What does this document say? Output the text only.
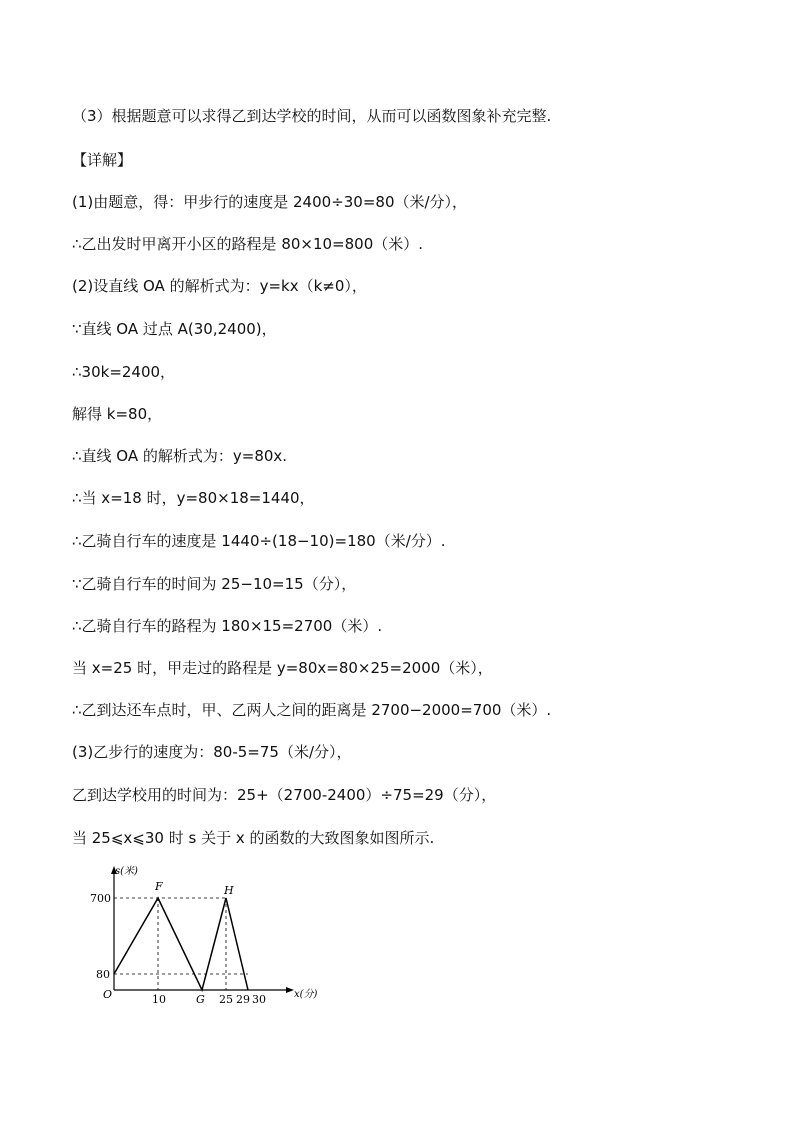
（3）根据题意可以求得乙到达学校的时间，从而可以函数图象补充完整.
【详解】
(1)由题意，得：甲步行的速度是 2400÷30=80（米/分），
∴乙出发时甲离开小区的路程是 80×10=800（米）.
(2)设直线 OA 的解析式为：y=kx（k≠0），
∵直线 OA 过点 A(30,2400)，
∴30k=2400，
解得 k=80，
∴直线 OA 的解析式为：y=80x.
∴当 x=18 时，y=80×18=1440，
∴乙骑自行车的速度是 1440÷(18−10)=180（米/分）.
∵乙骑自行车的时间为 25−10=15（分），
∴乙骑自行车的路程为 180×15=2700（米）.
当 x=25 时，甲走过的路程是 y=80x=80×25=2000（米），
∴乙到达还车点时，甲、乙两人之间的距离是 2700−2000=700（米）.
(3)乙步行的速度为：80-5=75（米/分），
乙到达学校用的时间为：25+（2700-2400）÷75=29（分），
当 25⩽x⩽30 时 s 关于 x 的函数的大致图象如图所示.
s(米)
x(分)
O
700
80
10	G 25 29 30
F	H
